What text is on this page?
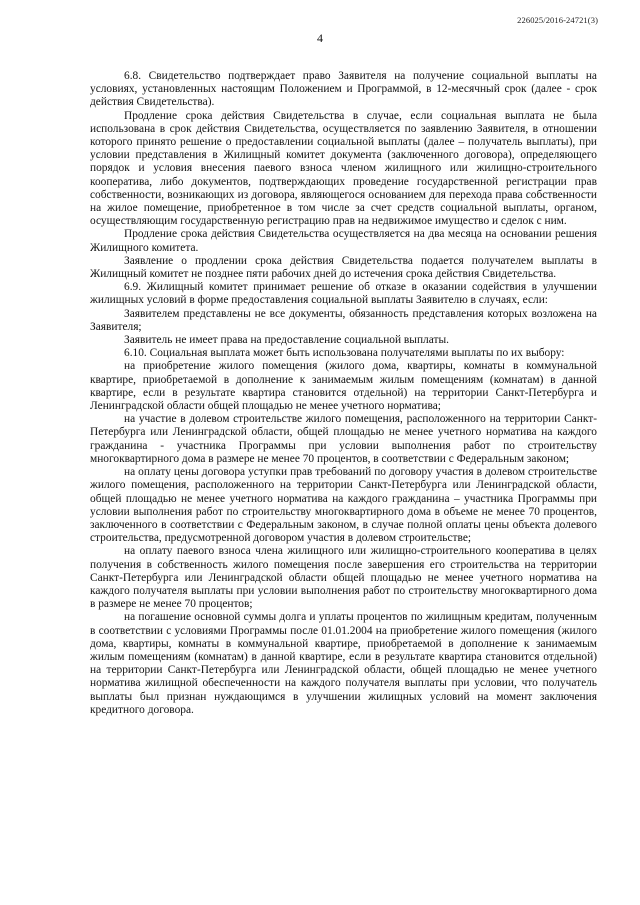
226025/2016-24721(3)
4

6.8. Свидетельство подтверждает право Заявителя на получение социальной выплаты на условиях, установленных настоящим Положением и Программой, в 12-месячный срок (далее - срок действия Свидетельства).

Продление срока действия Свидетельства в случае, если социальная выплата не была использована в срок действия Свидетельства, осуществляется по заявлению Заявителя, в отношении которого принято решение о предоставлении социальной выплаты (далее – получатель выплаты), при условии представления в Жилищный комитет документа (заключенного договора), определяющего порядок и условия внесения паевого взноса членом жилищного или жилищно-строительного кооператива, либо документов, подтверждающих проведение государственной регистрации прав собственности, возникающих из договора, являющегося основанием для перехода права собственности на жилое помещение, приобретенное в том числе за счет средств социальной выплаты, органом, осуществляющим государственную регистрацию прав на недвижимое имущество и сделок с ним.

Продление срока действия Свидетельства осуществляется на два месяца на основании решения Жилищного комитета.

Заявление о продлении срока действия Свидетельства подается получателем выплаты в Жилищный комитет не позднее пяти рабочих дней до истечения срока действия Свидетельства.

6.9. Жилищный комитет принимает решение об отказе в оказании содействия в улучшении жилищных условий в форме предоставления социальной выплаты Заявителю в случаях, если:

Заявителем представлены не все документы, обязанность представления которых возложена на Заявителя;

Заявитель не имеет права на предоставление социальной выплаты.

6.10. Социальная выплата может быть использована получателями выплаты по их выбору:

на приобретение жилого помещения (жилого дома, квартиры, комнаты в коммунальной квартире, приобретаемой в дополнение к занимаемым жилым помещениям (комнатам) в данной квартире, если в результате квартира становится отдельной) на территории Санкт-Петербурга и Ленинградской области общей площадью не менее учетного норматива;

на участие в долевом строительстве жилого помещения, расположенного на территории Санкт-Петербурга или Ленинградской области, общей площадью не менее учетного норматива на каждого гражданина - участника Программы при условии выполнения работ по строительству многоквартирного дома в размере не менее 70 процентов, в соответствии с Федеральным законом;

на оплату цены договора уступки прав требований по договору участия в долевом строительстве жилого помещения, расположенного на территории Санкт-Петербурга или Ленинградской области, общей площадью не менее учетного норматива на каждого гражданина – участника Программы при условии выполнения работ по строительству многоквартирного дома в объеме не менее 70 процентов, заключенного в соответствии с Федеральным законом, в случае полной оплаты цены объекта долевого строительства, предусмотренной договором участия в долевом строительстве;

на оплату паевого взноса члена жилищного или жилищно-строительного кооператива в целях получения в собственность жилого помещения после завершения его строительства на территории Санкт-Петербурга или Ленинградской области общей площадью не менее учетного норматива на каждого получателя выплаты при условии выполнения работ по строительству многоквартирного дома в размере не менее 70 процентов;

на погашение основной суммы долга и уплаты процентов по жилищным кредитам, полученным в соответствии с условиями Программы после 01.01.2004 на приобретение жилого помещения (жилого дома, квартиры, комнаты в коммунальной квартире, приобретаемой в дополнение к занимаемым жилым помещениям (комнатам) в данной квартире, если в результате квартира становится отдельной) на территории Санкт-Петербурга или Ленинградской области, общей площадью не менее учетного норматива жилищной обеспеченности на каждого получателя выплаты при условии, что получатель выплаты был признан нуждающимся в улучшении жилищных условий на момент заключения кредитного договора.
